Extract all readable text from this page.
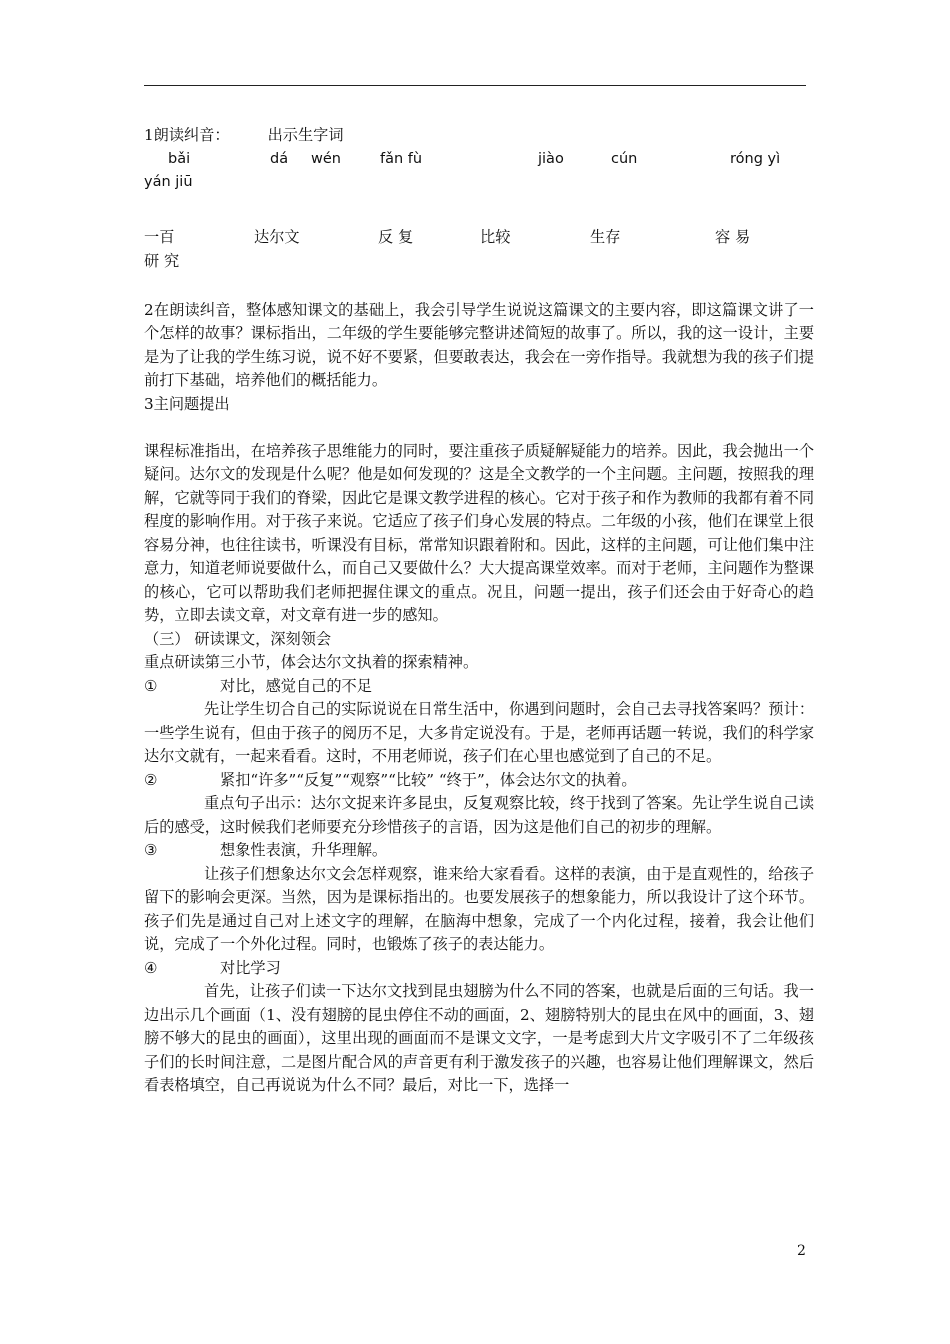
1朗读纠音：	出示生字词
bǎi	dá wén	fǎn fù	jiào	cún	róng yì
yán jiū
一百	达尔文	反 复	比较	生存	容 易
研 究
2在朗读纠音，整体感知课文的基础上，我会引导学生说说这篇课文的主要内容，即这篇课文讲了一个怎样的故事？课标指出，二年级的学生要能够完整讲述简短的故事了。所以，我的这一设计，主要是为了让我的学生练习说，说不好不要紧，但要敢表达，我会在一旁作指导。我就想为我的孩子们提前打下基础，培养他们的概括能力。
3主问题提出
课程标准指出，在培养孩子思维能力的同时，要注重孩子质疑解疑能力的培养。因此，我会抛出一个疑问。达尔文的发现是什么呢？他是如何发现的？这是全文教学的一个主问题。主问题，按照我的理解，它就等同于我们的脊梁，因此它是课文教学进程的核心。它对于孩子和作为教师的我都有着不同程度的影响作用。对于孩子来说。它适应了孩子们身心发展的特点。二年级的小孩，他们在课堂上很容易分神，也往往读书，听课没有目标，常常知识跟着附和。因此，这样的主问题，可让他们集中注意力，知道老师说要做什么，而自己又要做什么？大大提高课堂效率。而对于老师，主问题作为整课的核心，它可以帮助我们老师把握住课文的重点。况且，问题一提出，孩子们还会由于好奇心的趋势，立即去读文章，对文章有进一步的感知。
（三） 研读课文，深刻领会
重点研读第三小节，体会达尔文执着的探索精神。
①	对比，感觉自己的不足
先让学生切合自己的实际说说在日常生活中，你遇到问题时，会自己去寻找答案吗？预计：一些学生说有，但由于孩子的阅历不足，大多肯定说没有。于是，老师再话题一转说，我们的科学家达尔文就有，一起来看看。这时，不用老师说，孩子们在心里也感觉到了自己的不足。
②	紧扣“许多”“反复”“观察”“比较” “终于”，体会达尔文的执着。
重点句子出示：达尔文捉来许多昆虫，反复观察比较，终于找到了答案。先让学生说自己读后的感受，这时候我们老师要充分珍惜孩子的言语，因为这是他们自己的初步的理解。
③	想象性表演，升华理解。
让孩子们想象达尔文会怎样观察，谁来给大家看看。这样的表演，由于是直观性的，给孩子留下的影响会更深。当然，因为是课标指出的。也要发展孩子的想象能力，所以我设计了这个环节。孩子们先是通过自己对上述文字的理解，在脑海中想象，完成了一个内化过程，接着，我会让他们说，完成了一个外化过程。同时，也锻炼了孩子的表达能力。
④	对比学习
首先，让孩子们读一下达尔文找到昆虫翅膀为什么不同的答案，也就是后面的三句话。我一边出示几个画面（1、没有翅膀的昆虫停住不动的画面，2、翅膀特别大的昆虫在风中的画面，3、翅膀不够大的昆虫的画面），这里出现的画面而不是课文文字，一是考虑到大片文字吸引不了二年级孩子们的长时间注意，二是图片配合风的声音更有利于激发孩子的兴趣，也容易让他们理解课文，然后看表格填空，自己再说说为什么不同？最后，对比一下，选择一
2
